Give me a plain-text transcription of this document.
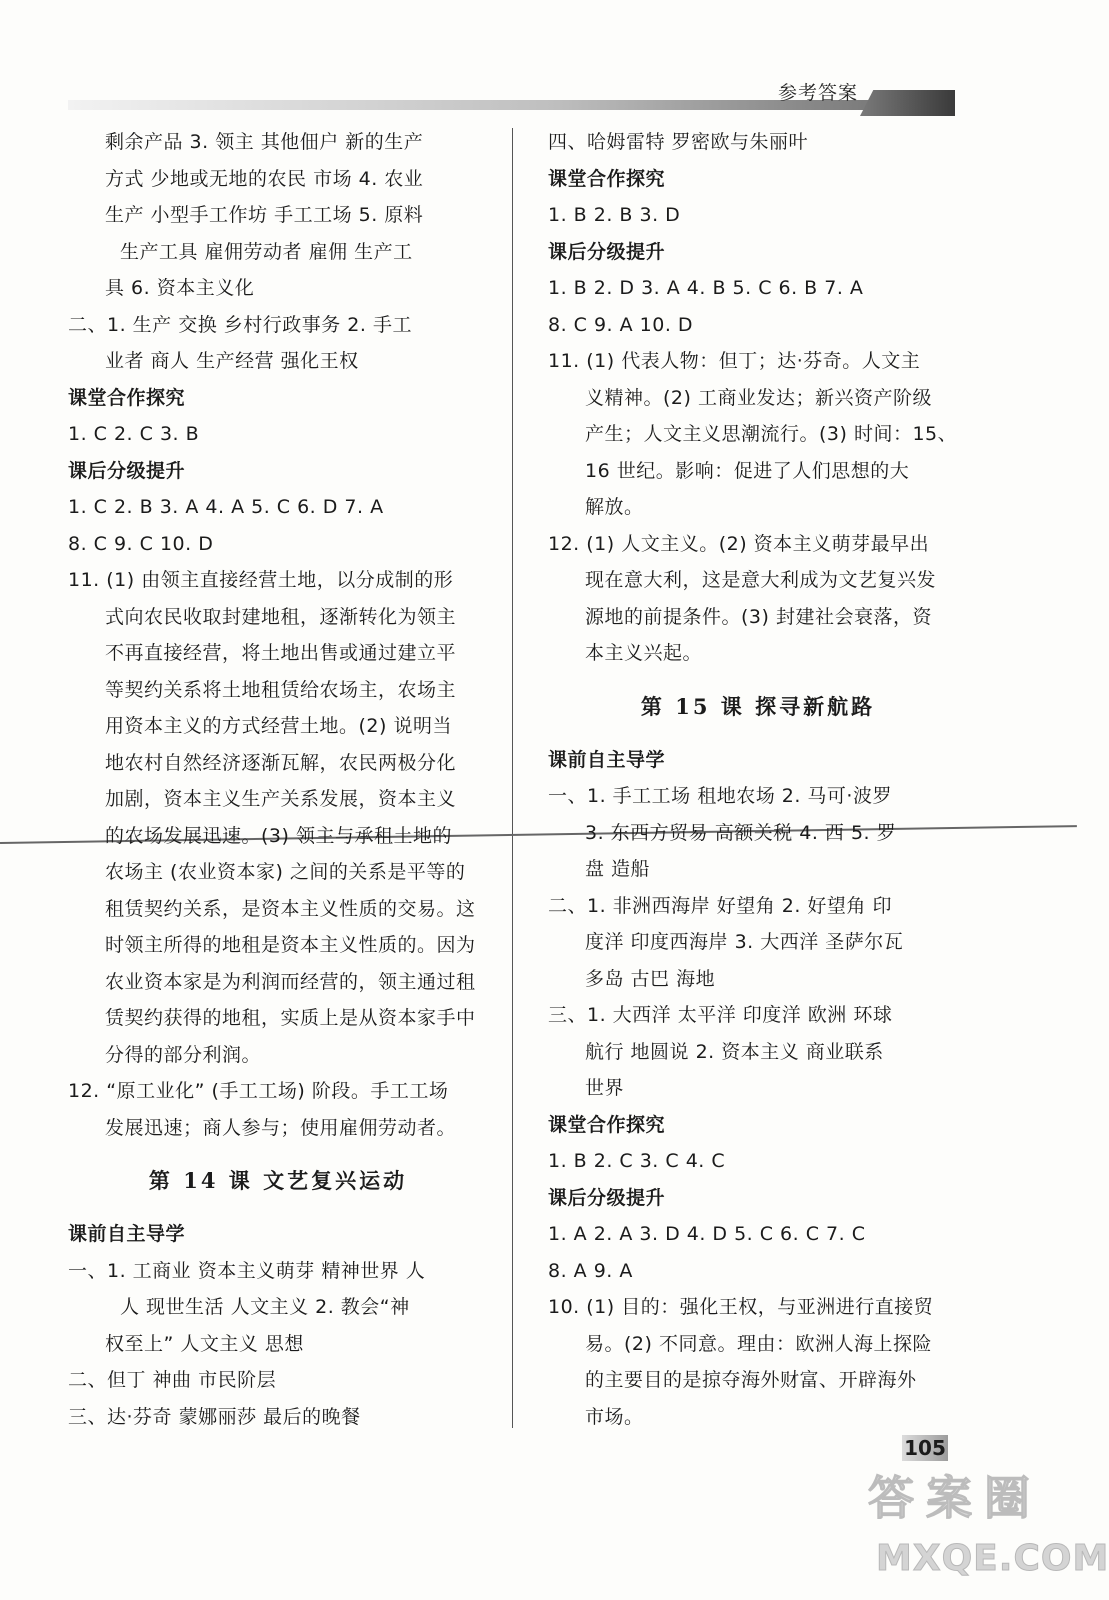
参考答案
剩余产品 3. 领主 其他佃户 新的生产
方式 少地或无地的农民 市场 4. 农业
生产 小型手工作坊 手工工场 5. 原料
生产工具 雇佣劳动者 雇佣 生产工
具 6. 资本主义化
二、1. 生产 交换 乡村行政事务 2. 手工
业者 商人 生产经营 强化王权
课堂合作探究
1. C 2. C 3. B
课后分级提升
1. C 2. B 3. A 4. A 5. C 6. D 7. A
8. C 9. C 10. D
11. (1) 由领主直接经营土地，以分成制的形
式向农民收取封建地租，逐渐转化为领主
不再直接经营，将土地出售或通过建立平
等契约关系将土地租赁给农场主，农场主
用资本主义的方式经营土地。(2) 说明当
地农村自然经济逐渐瓦解，农民两极分化
加剧，资本主义生产关系发展，资本主义
的农场发展迅速。(3) 领主与承租土地的
农场主 (农业资本家) 之间的关系是平等的
租赁契约关系，是资本主义性质的交易。这
时领主所得的地租是资本主义性质的。因为
农业资本家是为利润而经营的，领主通过租
赁契约获得的地租，实质上是从资本家手中
分得的部分利润。
12. “原工业化” (手工工场) 阶段。手工工场
发展迅速；商人参与；使用雇佣劳动者。
第 14 课 文艺复兴运动
课前自主导学
一、1. 工商业 资本主义萌芽 精神世界 人
人 现世生活 人文主义 2. 教会“神
权至上” 人文主义 思想
二、但丁 神曲 市民阶层
三、达·芬奇 蒙娜丽莎 最后的晚餐
四、哈姆雷特 罗密欧与朱丽叶
课堂合作探究
1. B 2. B 3. D
课后分级提升
1. B 2. D 3. A 4. B 5. C 6. B 7. A
8. C 9. A 10. D
11. (1) 代表人物：但丁；达·芬奇。人文主
义精神。(2) 工商业发达；新兴资产阶级
产生；人文主义思潮流行。(3) 时间：15、
16 世纪。影响：促进了人们思想的大
解放。
12. (1) 人文主义。(2) 资本主义萌芽最早出
现在意大利，这是意大利成为文艺复兴发
源地的前提条件。(3) 封建社会衰落，资
本主义兴起。
第 15 课 探寻新航路
课前自主导学
一、1. 手工工场 租地农场 2. 马可·波罗
3. 东西方贸易 高额关税 4. 西 5. 罗
盘 造船
二、1. 非洲西海岸 好望角 2. 好望角 印
度洋 印度西海岸 3. 大西洋 圣萨尔瓦
多岛 古巴 海地
三、1. 大西洋 太平洋 印度洋 欧洲 环球
航行 地圆说 2. 资本主义 商业联系
世界
课堂合作探究
1. B 2. C 3. C 4. C
课后分级提升
1. A 2. A 3. D 4. D 5. C 6. C 7. C
8. A 9. A
10. (1) 目的：强化王权，与亚洲进行直接贸
易。(2) 不同意。理由：欧洲人海上探险
的主要目的是掠夺海外财富、开辟海外
市场。
105
答 案 圈
MXQE.COM
